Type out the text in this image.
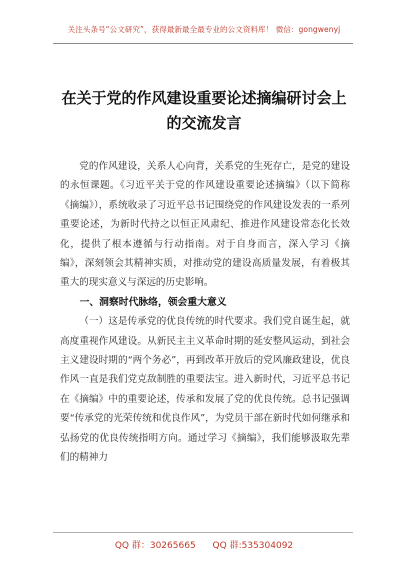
关注头条号“公文研究”，获得最新最全最专业的公文资料库！ 微信：gongwenyj
在关于党的作风建设重要论述摘编研讨会上
的交流发言

党的作风建设，关系人心向背，关系党的生死存亡，是党的建设的永恒课题。《习近平关于党的作风建设重要论述摘编》（以下简称《摘编》），系统收录了习近平总书记围绕党的作风建设发表的一系列重要论述，为新时代持之以恒正风肃纪、推进作风建设常态化长效化，提供了根本遵循与行动指南。对于自身而言，深入学习《摘编》，深刻领会其精神实质，对推动党的建设高质量发展，有着极其重大的现实意义与深远的历史影响。

一、洞察时代脉络，领会重大意义

（一）这是传承党的优良传统的时代要求。我们党自诞生起，就高度重视作风建设。从新民主主义革命时期的延安整风运动，到社会主义建设时期的“两个务必”，再到改革开放后的党风廉政建设，优良作风一直是我们党克敌制胜的重要法宝。进入新时代，习近平总书记在《摘编》中的重要论述，传承和发展了党的优良传统。总书记强调要“传承党的光荣传统和优良作风”，为党员干部在新时代如何继承和弘扬党的优良传统指明方向。通过学习《摘编》，我们能够汲取先辈们的精神力

QQ 群：30265665 QQ 群:535304092
